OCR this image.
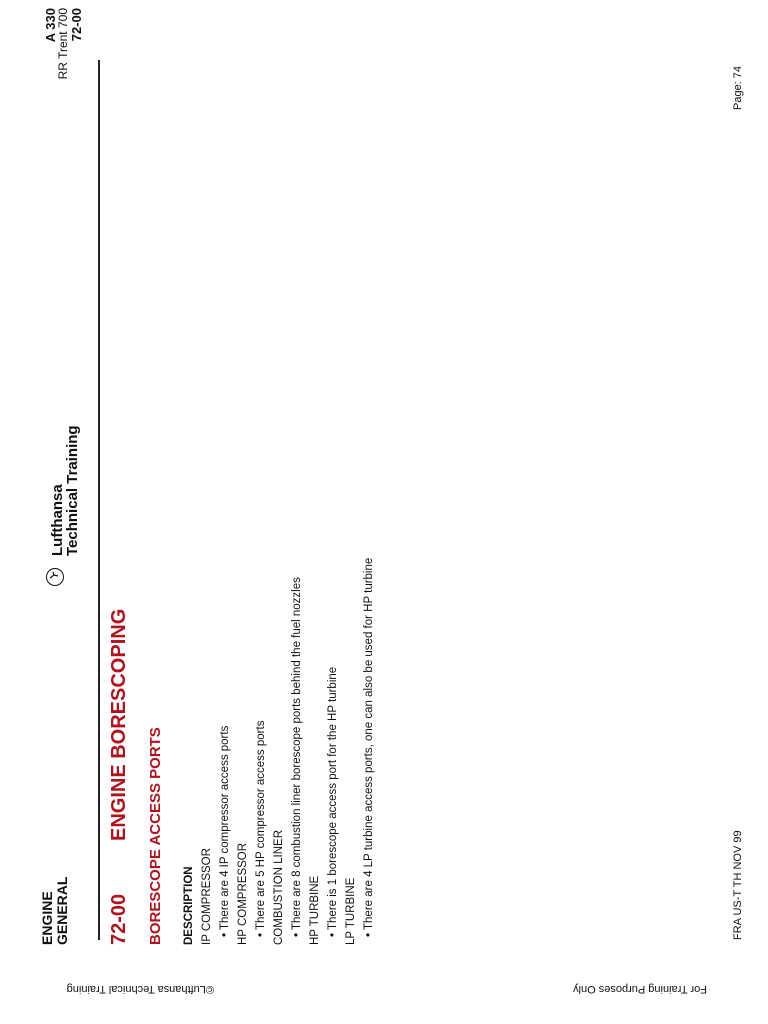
ENGINE GENERAL
A 330
RR Trent 700 72-00
Lufthansa
Technical Training
72-00
ENGINE BORESCOPING BORESCOPE ACCESS PORTS DESCRIPTION IP COMPRESSOR • There are 4 IP compressor access ports HP COMPRESSOR • There are 5 HP compressor access ports COMBUSTION LINER • There are 8 combustion liner borescope ports behind the fuel nozzles HP TURBINE • There is 1 borescope access port for the HP turbine LP TURBINE • There are 4 LP turbine access ports, one can also be used for HP turbine	FRA US-T TH NOV 99
Page: 74
©Lufthansa Technical Training	For Training Purposes Only
